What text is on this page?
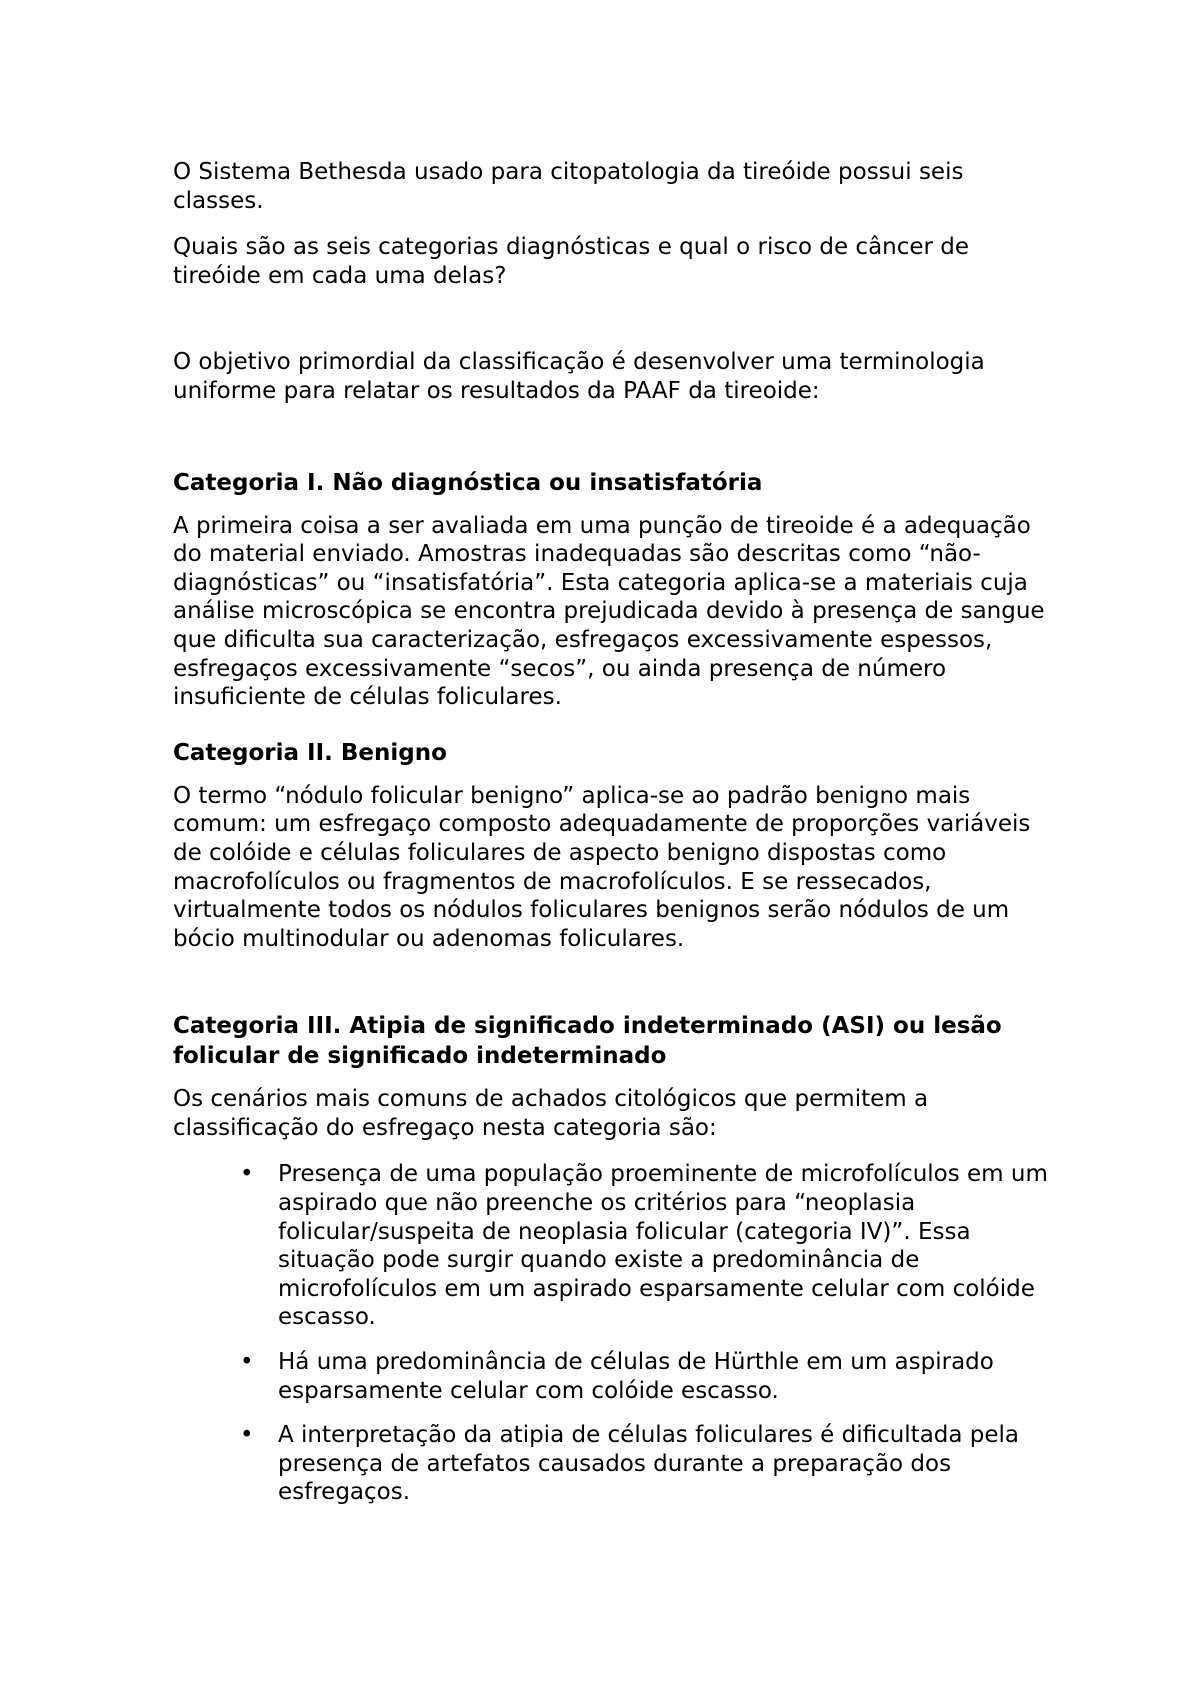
O Sistema Bethesda usado para citopatologia da tireóide possui seis classes.

Quais são as seis categorias diagnósticas e qual o risco de câncer de tireóide em cada uma delas?

O objetivo primordial da classificação é desenvolver uma terminologia uniforme para relatar os resultados da PAAF da tireoide:

Categoria I. Não diagnóstica ou insatisfatória

A primeira coisa a ser avaliada em uma punção de tireoide é a adequação do material enviado. Amostras inadequadas são descritas como “não-diagnósticas” ou “insatisfatória”. Esta categoria aplica-se a materiais cuja análise microscópica se encontra prejudicada devido à presença de sangue que dificulta sua caracterização, esfregaços excessivamente espessos, esfregaços excessivamente “secos”, ou ainda presença de número insuficiente de células foliculares.

Categoria II. Benigno

O termo “nódulo folicular benigno” aplica-se ao padrão benigno mais comum: um esfregaço composto adequadamente de proporções variáveis de colóide e células foliculares de aspecto benigno dispostas como macrofolículos ou fragmentos de macrofolículos. E se ressecados, virtualmente todos os nódulos foliculares benignos serão nódulos de um bócio multinodular ou adenomas foliculares.

Categoria III. Atipia de significado indeterminado (ASI) ou lesão folicular de significado indeterminado

Os cenários mais comuns de achados citológicos que permitem a classificação do esfregaço nesta categoria são:

• Presença de uma população proeminente de microfolículos em um aspirado que não preenche os critérios para “neoplasia folicular/suspeita de neoplasia folicular (categoria IV)”. Essa situação pode surgir quando existe a predominância de microfolículos em um aspirado esparsamente celular com colóide escasso.
• Há uma predominância de células de Hürthle em um aspirado esparsamente celular com colóide escasso.
• A interpretação da atipia de células foliculares é dificultada pela presença de artefatos causados durante a preparação dos esfregaços.
